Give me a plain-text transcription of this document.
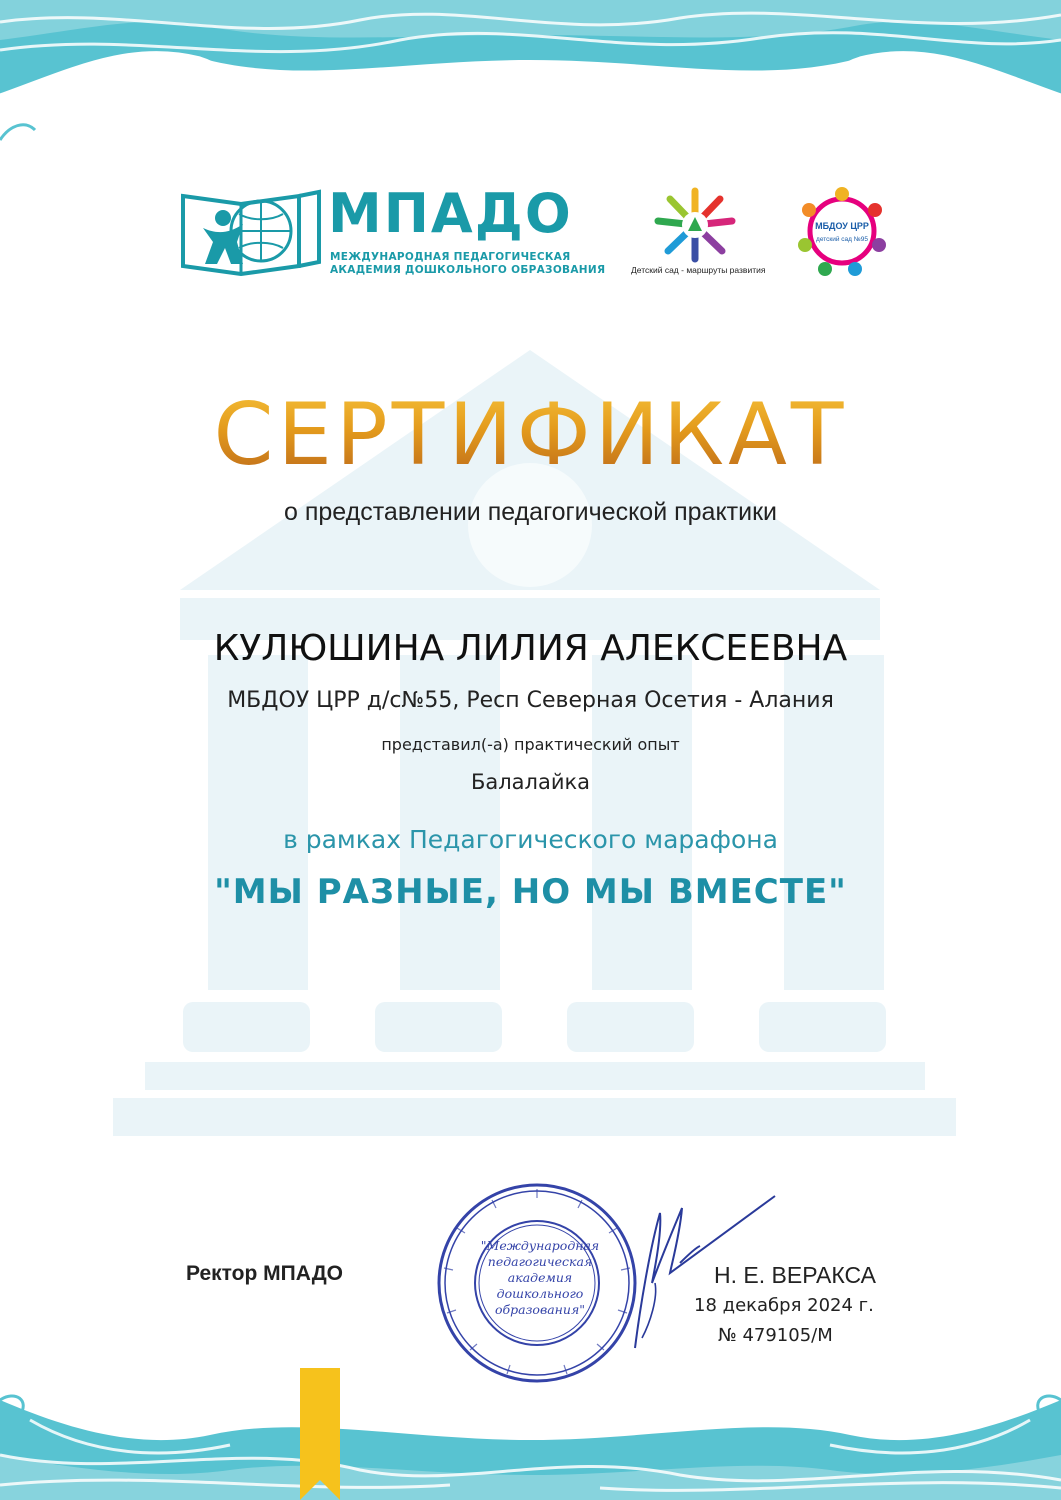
МПАДО
МЕЖДУНАРОДНАЯ ПЕДАГОГИЧЕСКАЯ
АКАДЕМИЯ ДОШКОЛЬНОГО ОБРАЗОВАНИЯ	Детский сад - маршруты развития
МБДОУ ЦРР
детский сад №95
СЕРТИФИКАТ
о представлении педагогической практики
КУЛЮШИНА ЛИЛИЯ АЛЕКСЕЕВНА
МБДОУ ЦРР д/с№55, Респ Северная Осетия - Алания
представил(-а) практический опыт
Балалайка
в рамках Педагогического марафона
"МЫ РАЗНЫЕ, НО МЫ ВМЕСТЕ"
"Международная педагогическая академия дошкольного образования"
Ректор МПАДО	Н. Е. ВЕРАКСА
18 декабря 2024 г.
№ 479105/М
